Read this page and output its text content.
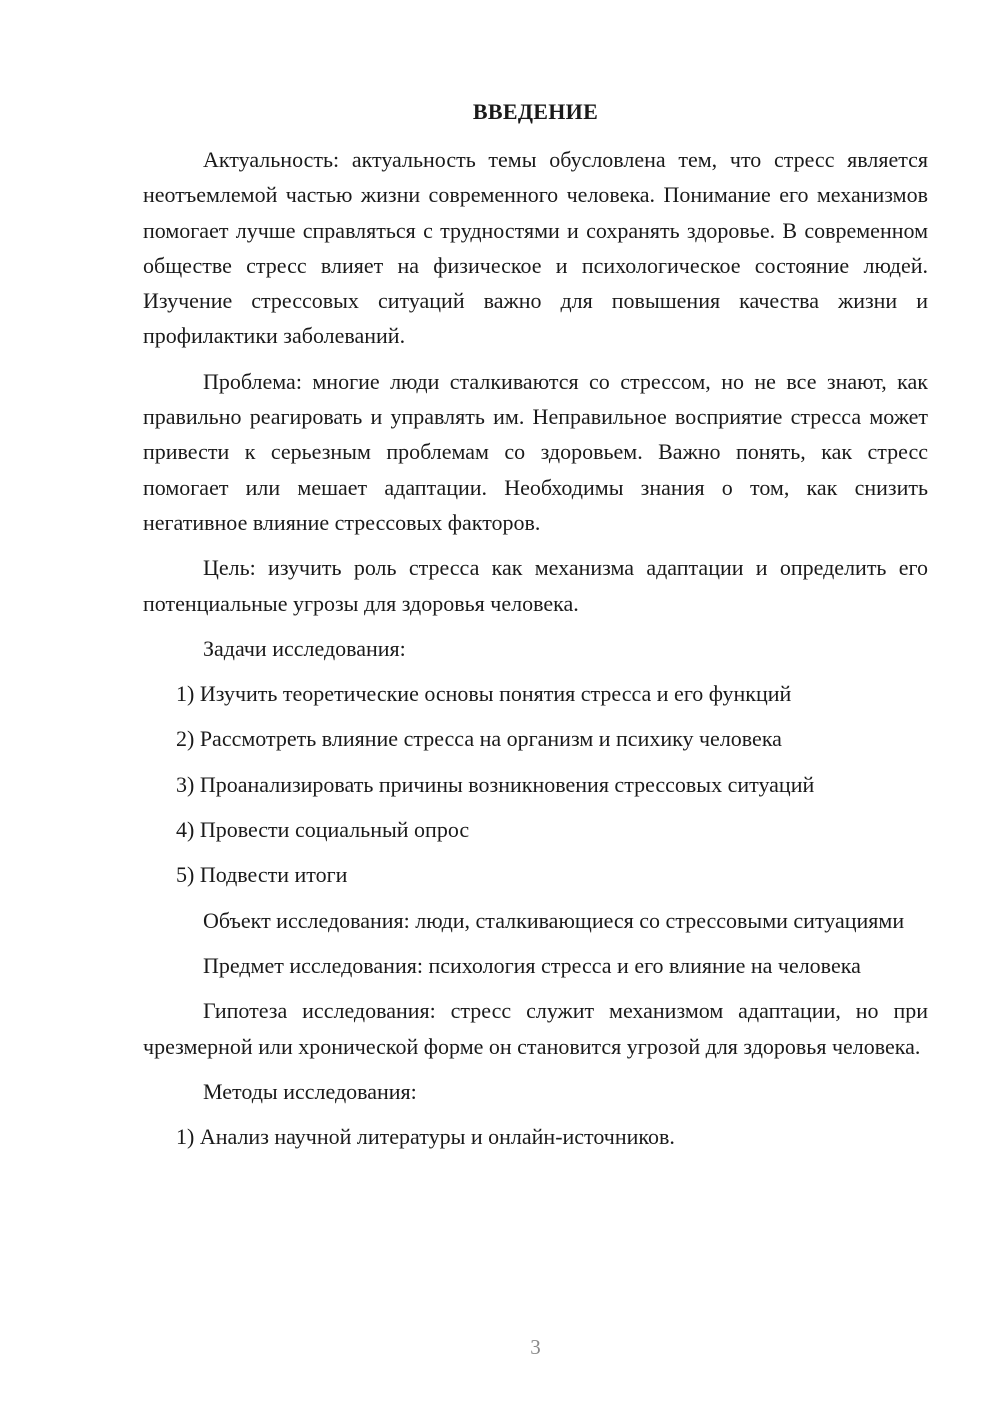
ВВЕДЕНИЕ

Актуальность: актуальность темы обусловлена тем, что стресс является неотъемлемой частью жизни современного человека. Понимание его механизмов помогает лучше справляться с трудностями и сохранять здоровье. В современном обществе стресс влияет на физическое и психологическое состояние людей. Изучение стрессовых ситуаций важно для повышения качества жизни и профилактики заболеваний.

Проблема: многие люди сталкиваются со стрессом, но не все знают, как правильно реагировать и управлять им. Неправильное восприятие стресса может привести к серьезным проблемам со здоровьем. Важно понять, как стресс помогает или мешает адаптации. Необходимы знания о том, как снизить негативное влияние стрессовых факторов.

Цель: изучить роль стресса как механизма адаптации и определить его потенциальные угрозы для здоровья человека.

Задачи исследования:

1) Изучить теоретические основы понятия стресса и его функций

2) Рассмотреть влияние стресса на организм и психику человека

3) Проанализировать причины возникновения стрессовых ситуаций

4) Провести социальный опрос

5) Подвести итоги

Объект исследования: люди, сталкивающиеся со стрессовыми ситуациями

Предмет исследования: психология стресса и его влияние на человека

Гипотеза исследования: стресс служит механизмом адаптации, но при чрезмерной или хронической форме он становится угрозой для здоровья человека.

Методы исследования:

1) Анализ научной литературы и онлайн-источников.

3
